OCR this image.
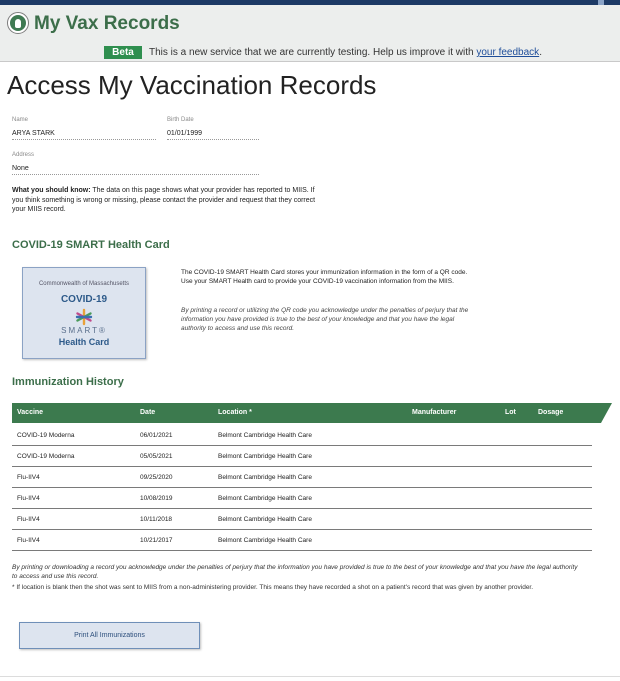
My Vax Records
Beta	This is a new service that we are currently testing. Help us improve it with your feedback.
Access My Vaccination Records
Name
ARYA STARK
Birth Date
01/01/1999
Address
None
What you should know: The data on this page shows what your provider has reported to MIIS. If you think something is wrong or missing, please contact the provider and request that they correct your MIIS record.
COVID-19 SMART Health Card
Commonwealth of Massachusetts
COVID-19
SMART®
Health Card
The COVID-19 SMART Health Card stores your immunization information in the form of a QR code. Use your SMART Health card to provide your COVID-19 vaccination information from the MIIS.
By printing a record or utilizing the QR code you acknowledge under the penalties of perjury that the information you have provided is true to the best of your knowledge and that you have the legal authority to access and use this record.
Immunization History
Vaccine	Date	Location *	Manufacturer	Lot	Dosage
COVID-19 Moderna	06/01/2021	Belmont Cambridge Health Care
COVID-19 Moderna	05/05/2021	Belmont Cambridge Health Care
Flu-IIV4	09/25/2020	Belmont Cambridge Health Care
Flu-IIV4	10/08/2019	Belmont Cambridge Health Care
Flu-IIV4	10/11/2018	Belmont Cambridge Health Care
Flu-IIV4	10/21/2017	Belmont Cambridge Health Care
By printing or downloading a record you acknowledge under the penalties of perjury that the information you have provided is true to the best of your knowledge and that you have the legal authority to access and use this record.
* If location is blank then the shot was sent to MIIS from a non-administering provider. This means they have recorded a shot on a patient's record that was given by another provider.
Print All Immunizations
